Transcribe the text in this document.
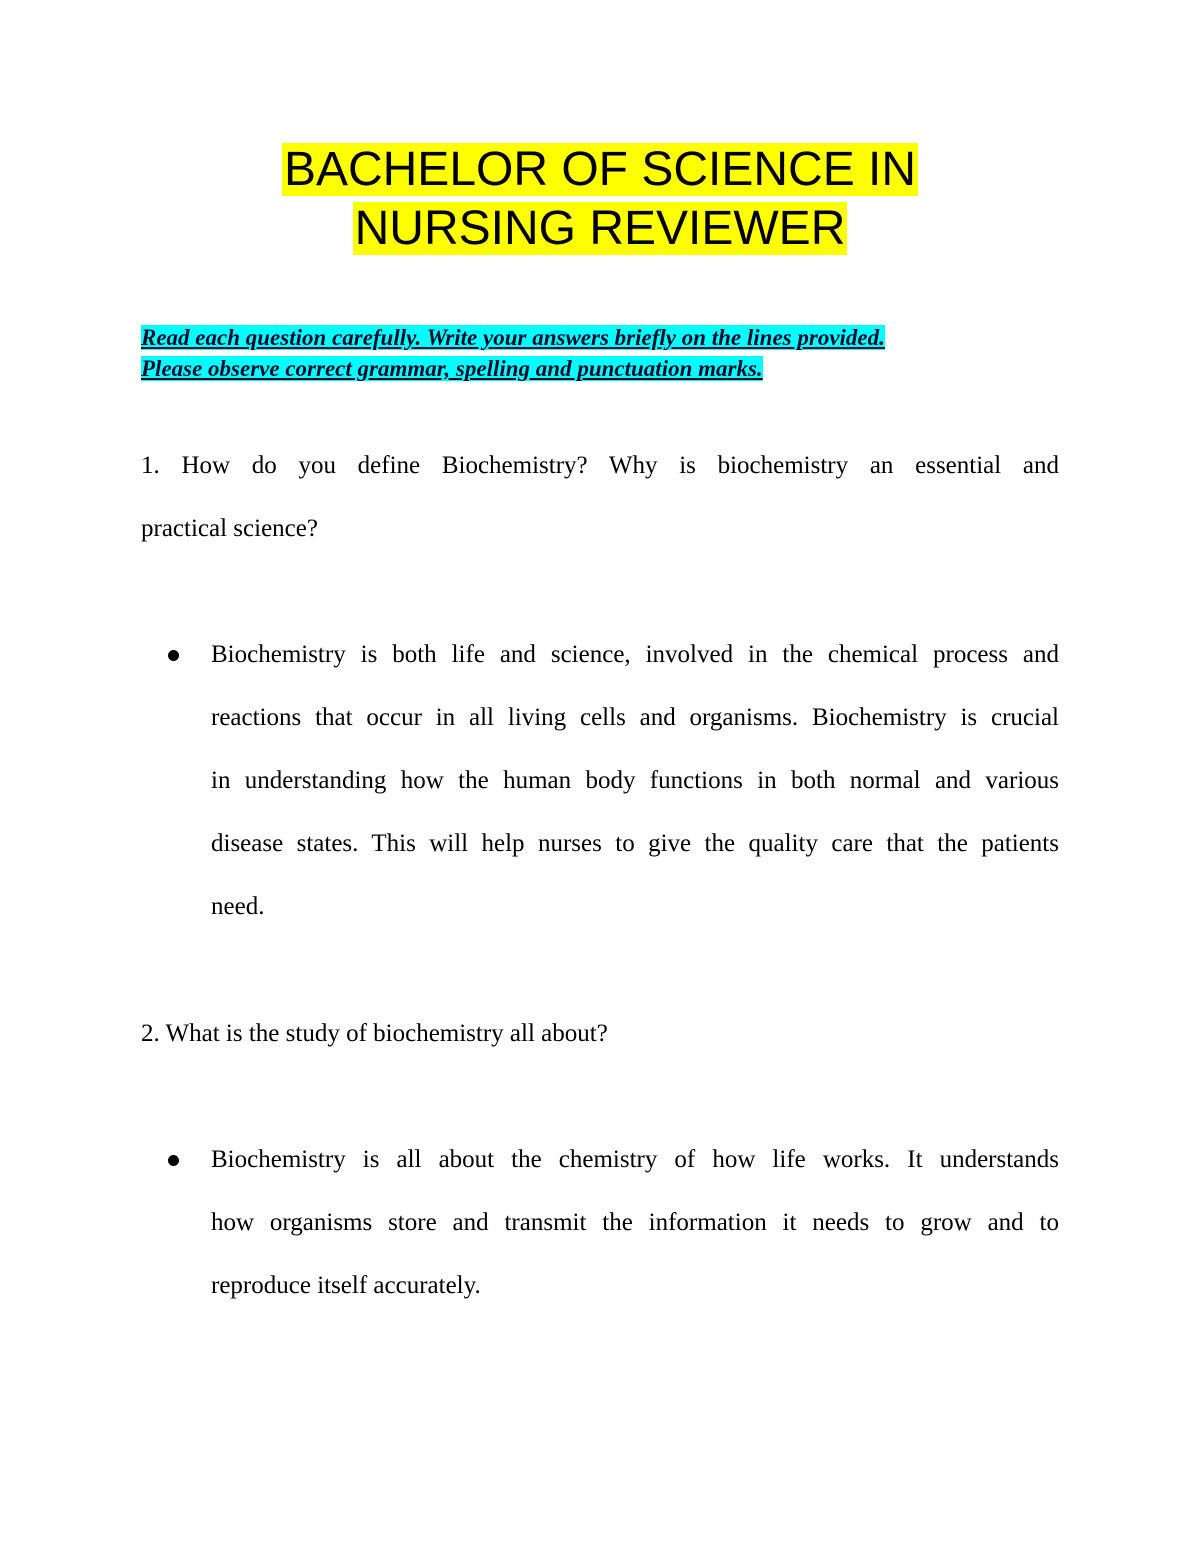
BACHELOR OF SCIENCE IN
NURSING REVIEWER
Read each question carefully. Write your answers briefly on the lines provided.
Please observe correct grammar, spelling and punctuation marks.
1. How do you define Biochemistry? Why is biochemistry an essential and
practical science?
Biochemistry is both life and science, involved in the chemical process and
reactions that occur in all living cells and organisms. Biochemistry is crucial
in understanding how the human body functions in both normal and various
disease states. This will help nurses to give the quality care that the patients
need.
2. What is the study of biochemistry all about?
Biochemistry is all about the chemistry of how life works. It understands
how organisms store and transmit the information it needs to grow and to
reproduce itself accurately.
